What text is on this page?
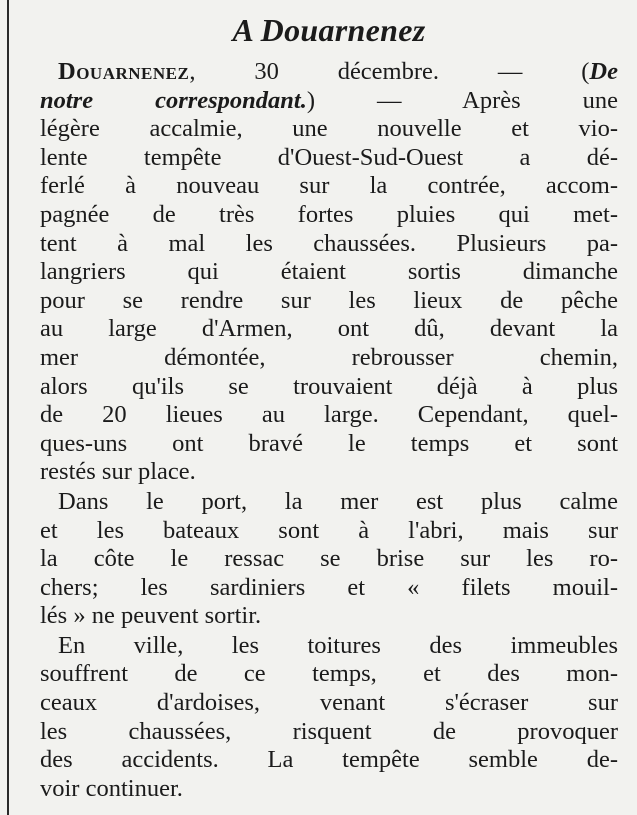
A Douarnenez
Douarnenez, 30 décembre. — (De
notre correspondant.)	— Après une
légère accalmie, une nouvelle et vio-
lente tempête d'Ouest-Sud-Ouest a dé-
ferlé à nouveau sur la contrée, accom-
pagnée de très fortes pluies qui met-
tent à mal les chaussées. Plusieurs pa-
langriers qui étaient sortis dimanche
pour se rendre sur les lieux de pêche
au large d'Armen, ont dû, devant la
mer démontée, rebrousser chemin,
alors qu'ils se trouvaient déjà à plus
de 20 lieues au large. Cependant, quel-
ques-uns ont bravé le temps et sont
restés sur place.
Dans le port, la mer est plus calme
et les bateaux sont à l'abri, mais sur
la côte le ressac se brise sur les ro-
chers; les sardiniers et « filets mouil-
lés » ne peuvent sortir.
En ville, les toitures des immeubles
souffrent de ce temps, et des mon-
ceaux d'ardoises, venant s'écraser sur
les chaussées, risquent de provoquer
des accidents. La tempête semble de-
voir continuer.
